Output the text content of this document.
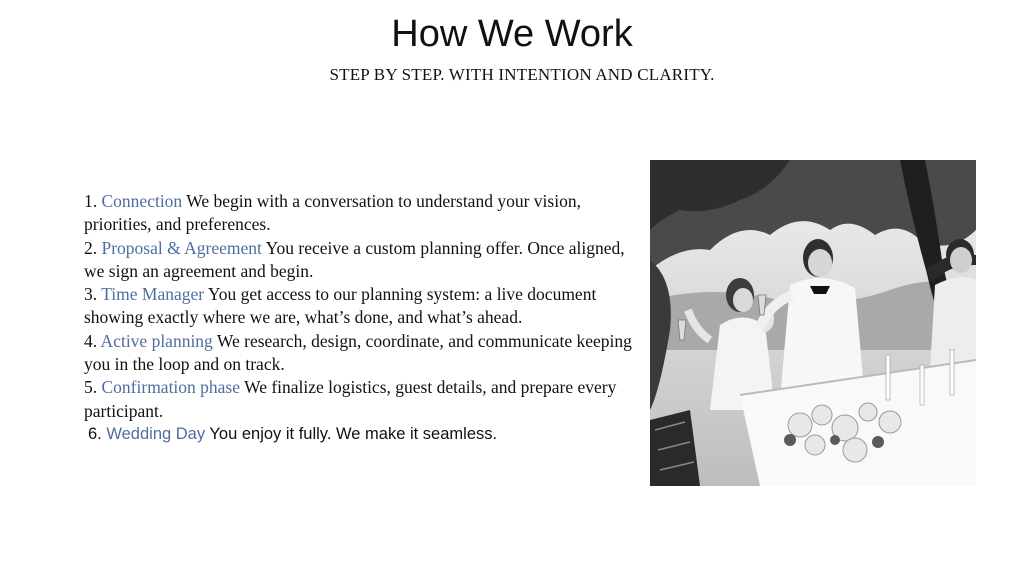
How We Work
STEP BY STEP. WITH INTENTION AND CLARITY.

1. Connection We begin with a conversation to understand your vision, priorities, and preferences.

2. Proposal & Agreement You receive a custom planning offer. Once aligned, we sign an agreement and begin.

3. Time Manager You get access to our planning system: a live document showing exactly where we are, what’s done, and what’s ahead.

4. Active planning We research, design, coordinate, and communicate keeping you in the loop and on track.

5. Confirmation phase We finalize logistics, guest details, and prepare every participant.

6. Wedding Day You enjoy it fully. We make it seamless.
